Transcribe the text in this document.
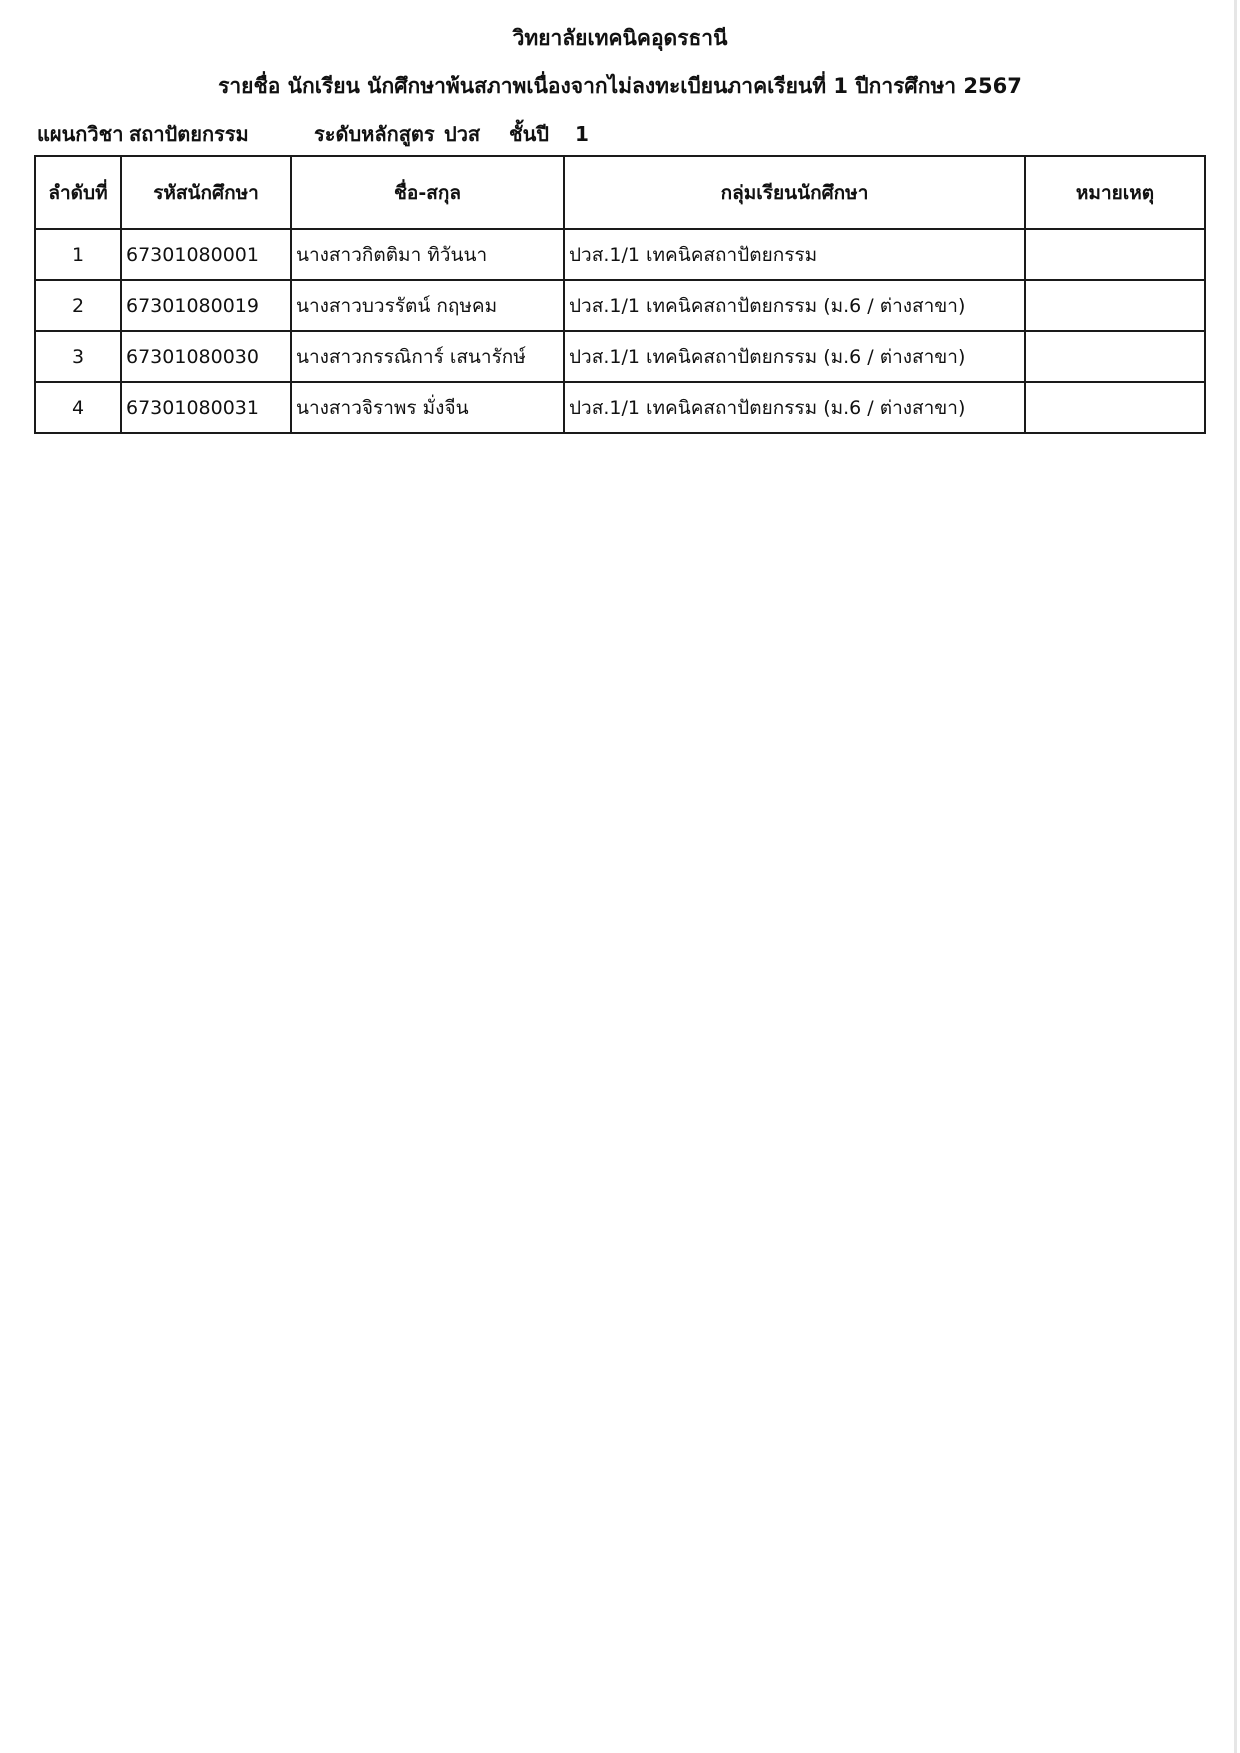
วิทยาลัยเทคนิคอุดรธานี
รายชื่อ นักเรียน นักศึกษาพ้นสภาพเนื่องจากไม่ลงทะเบียนภาคเรียนที่ 1 ปีการศึกษา 2567
แผนกวิชา สถาปัตยกรรม	ระดับหลักสูตร ปวส ชั้นปี 1
ลำดับที่	รหัสนักศึกษา	ชื่อ-สกุล	กลุ่มเรียนนักศึกษา	หมายเหตุ
1	67301080001	นางสาวกิตติมา ทิวันนา	ปวส.1/1 เทคนิคสถาปัตยกรรม	
2	67301080019	นางสาวบวรรัตน์ กฤษคม	ปวส.1/1 เทคนิคสถาปัตยกรรม (ม.6 / ต่างสาขา)	
3	67301080030	นางสาวกรรณิการ์ เสนารักษ์	ปวส.1/1 เทคนิคสถาปัตยกรรม (ม.6 / ต่างสาขา)	
4	67301080031	นางสาวจิราพร มั่งจีน	ปวส.1/1 เทคนิคสถาปัตยกรรม (ม.6 / ต่างสาขา)	
